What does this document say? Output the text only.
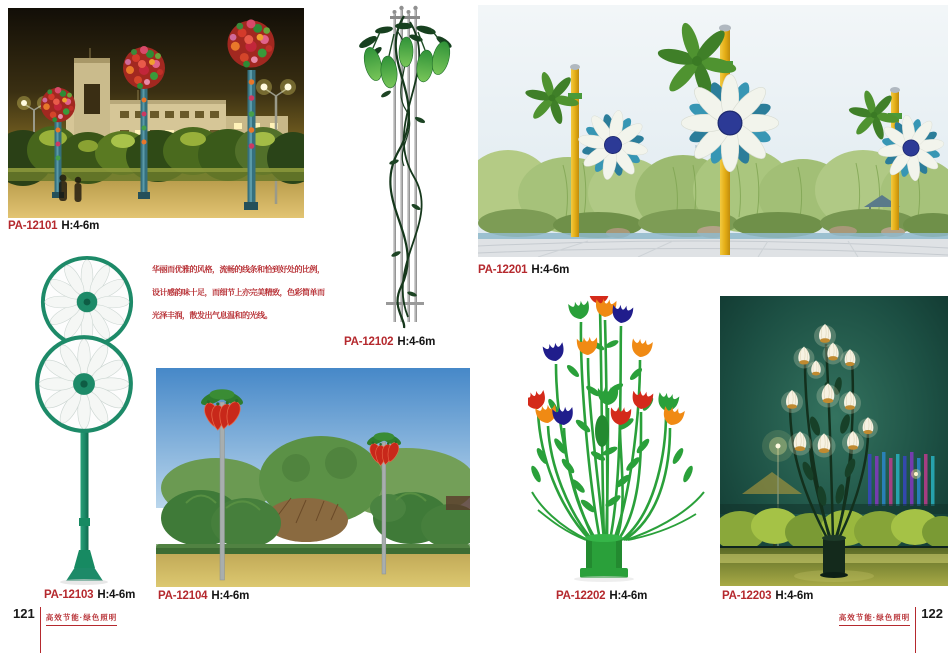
PA-12101 H:4-6m
PA-12102 H:4-6m
PA-12201 H:4-6m
华丽而优雅的风格，流畅的线条和恰到好处的比例，
设计感韵味十足，而细节上亦完美精致，色彩简单而
光泽丰润，散发出气息温和的光线。
PA-12103 H:4-6m PA-12104 H:4-6m	PA-12202 H:4-6m	PA-12203 H:4-6m
121	高效节能·绿色照明	高效节能·绿色照明 122
